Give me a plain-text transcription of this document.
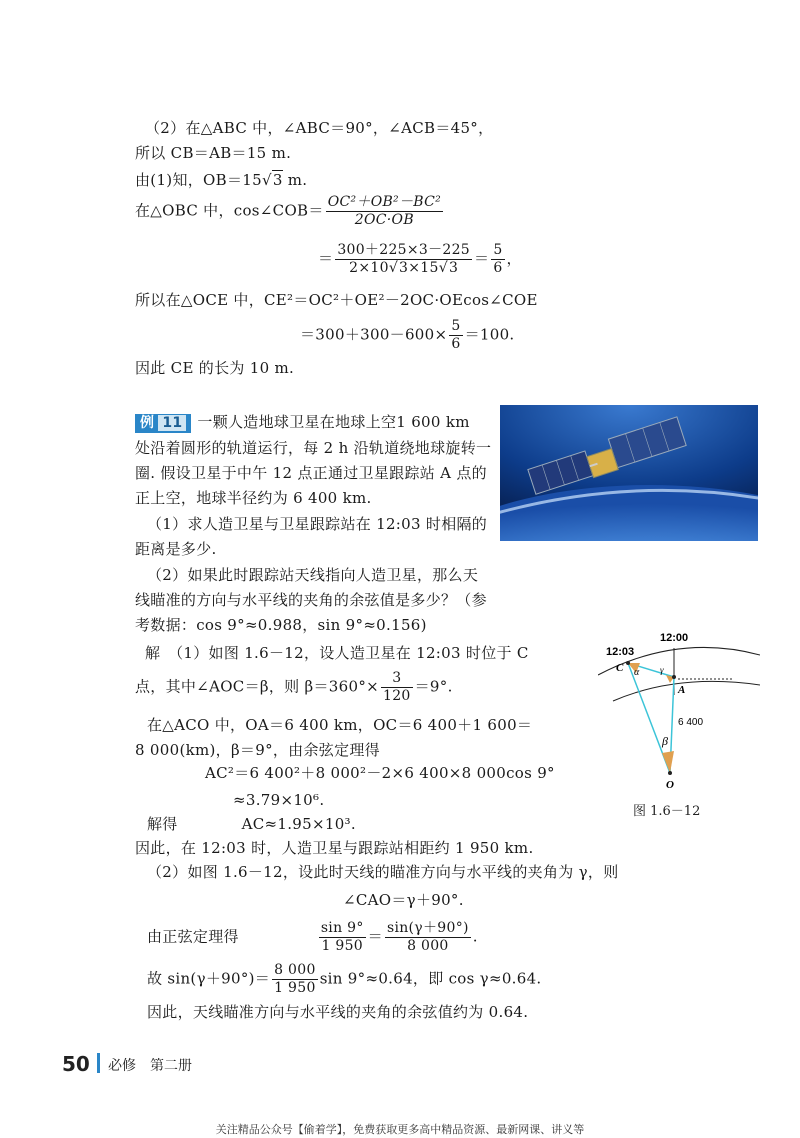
（2）在△ABC 中，∠ABC＝90°，∠ACB＝45°，
所以 CB＝AB＝15 m.
由(1)知，OB＝15√3 m.
在△OBC 中，cos∠COB＝ $\frac{\text{OC²＋OB²－BC²}}{2OC\cdot OB}$
＝ $\frac{300+225\times 3-225}{2\times 10√3\times 15√3} = \frac{5}{6}$ ，
所以在△OCE 中，CE²＝OC²＋OE²－2OC·OEcos∠COE
$=300+300-600\times \frac{5}{6} =100$.
因此 CE 的长为 10 m.
例 11 一颗人造地球卫星在地球上空1 600 km
处沿着圆形的轨道运行，每 2 h 沿轨道绕地球旋转一
圈. 假设卫星于中午 12 点正通过卫星跟踪站 A 点的
正上空，地球半径约为 6 400 km.
（1）求人造卫星与卫星跟踪站在 12:03 时相隔的
距离是多少.
（2）如果此时跟踪站天线指向人造卫星，那么天
线瞄准的方向与水平线的夹角的余弦值是多少？（参
考数据：cos 9°≈0.988，sin 9°≈0.156)
解　（1）如图 1.6－12，设人造卫星在 12:03 时位于 C
点，其中∠AOC＝β，则 $\beta=360^\circ\times \frac{3}{120} =9^\circ$.
在△ACO 中，OA＝6 400 km，OC＝6 400＋1 600＝
8 000(km)，β＝9°，由余弦定理得
AC²＝6 400²＋8 000²－2×6 400×8 000cos 9°
≈3.79×10⁶.
解得	AC≈1.95×10³.
因此，在 12:03 时，人造卫星与跟踪站相距约 1 950 km.
（2）如图 1.6－12，设此时天线的瞄准方向与水平线的夹角为 γ，则
∠CAO＝γ＋90°.
由正弦定理得	$\frac{\sin 9^\circ}{1 950} = \frac{\sin(\gamma+90^\circ)}{8 000}$ .
故 $\sin(\gamma+90^\circ)= \frac{8 000}{1 950}$ sin 9°≈0.64，即 cos γ≈0.64.
因此，天线瞄准方向与水平线的夹角的余弦值约为 0.64.
12:03
12:00
C α γ
A
6 400
β
O
图 1.6－12
50 必修　第二册
关注精品公众号【偷着学】，免费获取更多高中精品资源、最新网课、讲义等
